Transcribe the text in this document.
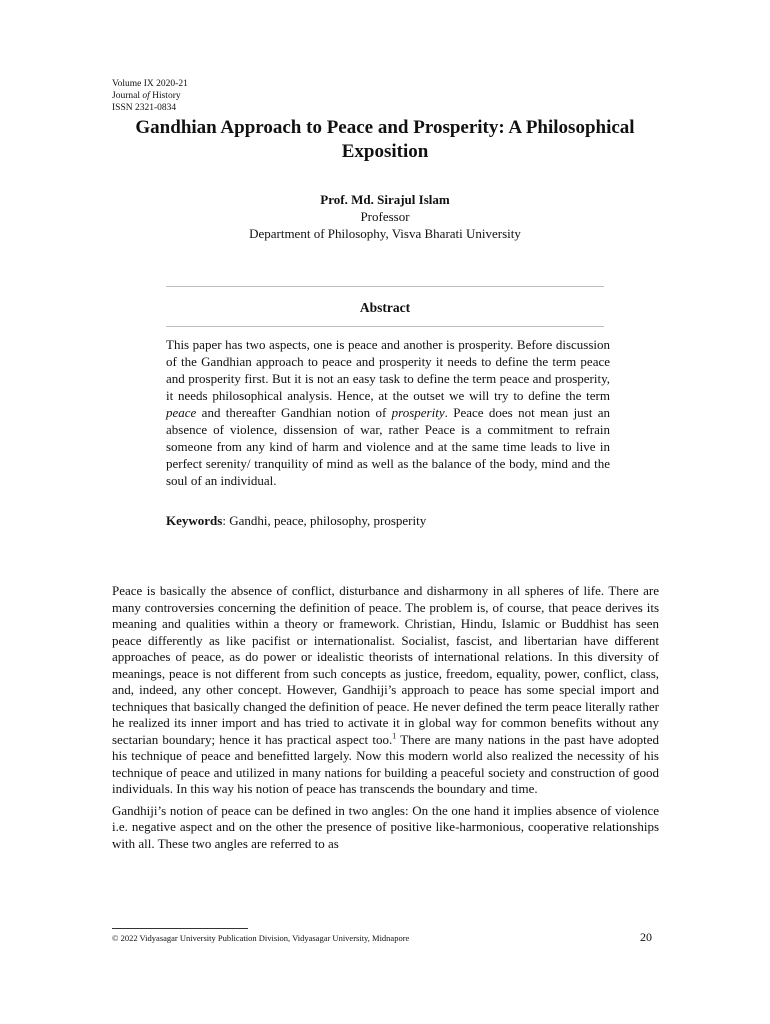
Volume IX 2020-21
Journal of History
ISSN 2321-0834
Gandhian Approach to Peace and Prosperity: A Philosophical Exposition
Prof. Md. Sirajul Islam
Professor
Department of Philosophy, Visva Bharati University
Abstract
This paper has two aspects, one is peace and another is prosperity. Before discussion of the Gandhian approach to peace and prosperity it needs to define the term peace and prosperity first. But it is not an easy task to define the term peace and prosperity, it needs philosophical analysis. Hence, at the outset we will try to define the term peace and thereafter Gandhian notion of prosperity. Peace does not mean just an absence of violence, dissension of war, rather Peace is a commitment to refrain someone from any kind of harm and violence and at the same time leads to live in perfect serenity/ tranquility of mind as well as the balance of the body, mind and the soul of an individual.
Keywords: Gandhi, peace, philosophy, prosperity

Peace is basically the absence of conflict, disturbance and disharmony in all spheres of life. There are many controversies concerning the definition of peace. The problem is, of course, that peace derives its meaning and qualities within a theory or framework. Christian, Hindu, Islamic or Buddhist has seen peace differently as like pacifist or internationalist. Socialist, fascist, and libertarian have different approaches of peace, as do power or idealistic theorists of international relations. In this diversity of meanings, peace is not different from such concepts as justice, freedom, equality, power, conflict, class, and, indeed, any other concept. However, Gandhiji’s approach to peace has some special import and techniques that basically changed the definition of peace. He never defined the term peace literally rather he realized its inner import and has tried to activate it in global way for common benefits without any sectarian boundary; hence it has practical aspect too.$^1$ There are many nations in the past have adopted his technique of peace and benefitted largely. Now this modern world also realized the necessity of his technique of peace and utilized in many nations for building a peaceful society and construction of good individuals. In this way his notion of peace has transcends the boundary and time.

Gandhiji’s notion of peace can be defined in two angles: On the one hand it implies absence of violence i.e. negative aspect and on the other the presence of positive like-harmonious, cooperative relationships with all. These two angles are referred to as

© 2022 Vidyasagar University Publication Division, Vidyasagar University, Midnapore	20
